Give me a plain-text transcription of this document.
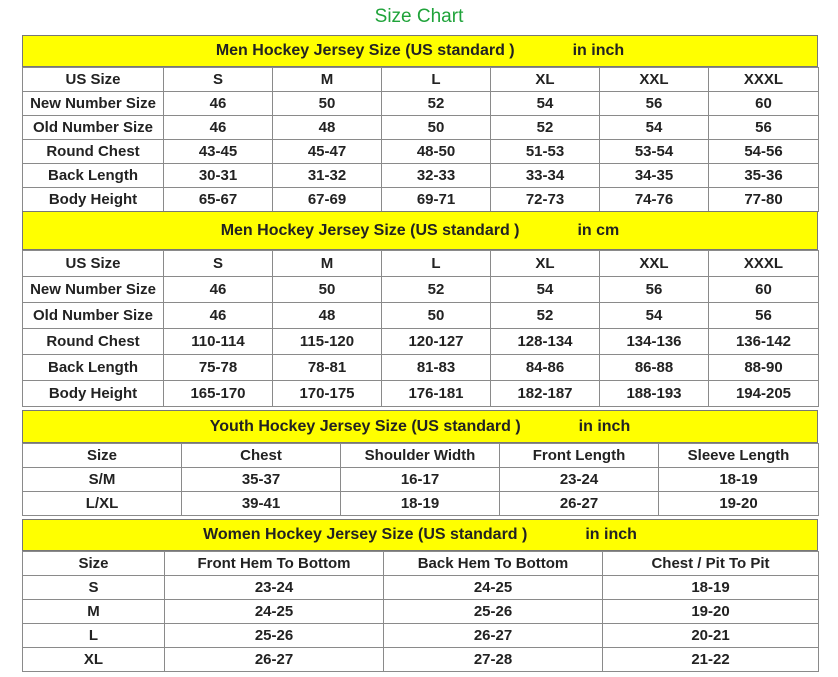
Size Chart
Men Hockey Jersey Size (US standard )	in inch
US Size	S	M	L	XL	XXL	XXXL
New Number Size	46	50	52	54	56	60
Old Number Size	46	48	50	52	54	56
Round Chest	43-45	45-47	48-50	51-53	53-54	54-56
Back Length	30-31	31-32	32-33	33-34	34-35	35-36
Body Height	65-67	67-69	69-71	72-73	74-76	77-80
Men Hockey Jersey Size (US standard )	in cm
US Size	S	M	L	XL	XXL	XXXL
New Number Size	46	50	52	54	56	60
Old Number Size	46	48	50	52	54	56
Round Chest	110-114	115-120	120-127	128-134	134-136	136-142
Back Length	75-78	78-81	81-83	84-86	86-88	88-90
Body Height	165-170	170-175	176-181	182-187	188-193	194-205
Youth Hockey Jersey Size (US standard )	in inch
Size	Chest	Shoulder Width	Front Length	Sleeve Length
S/M	35-37	16-17	23-24	18-19
L/XL	39-41	18-19	26-27	19-20
Women Hockey Jersey Size (US standard )	in inch
Size	Front Hem To Bottom	Back Hem To Bottom	Chest / Pit To Pit
S	23-24	24-25	18-19
M	24-25	25-26	19-20
L	25-26	26-27	20-21
XL	26-27	27-28	21-22
